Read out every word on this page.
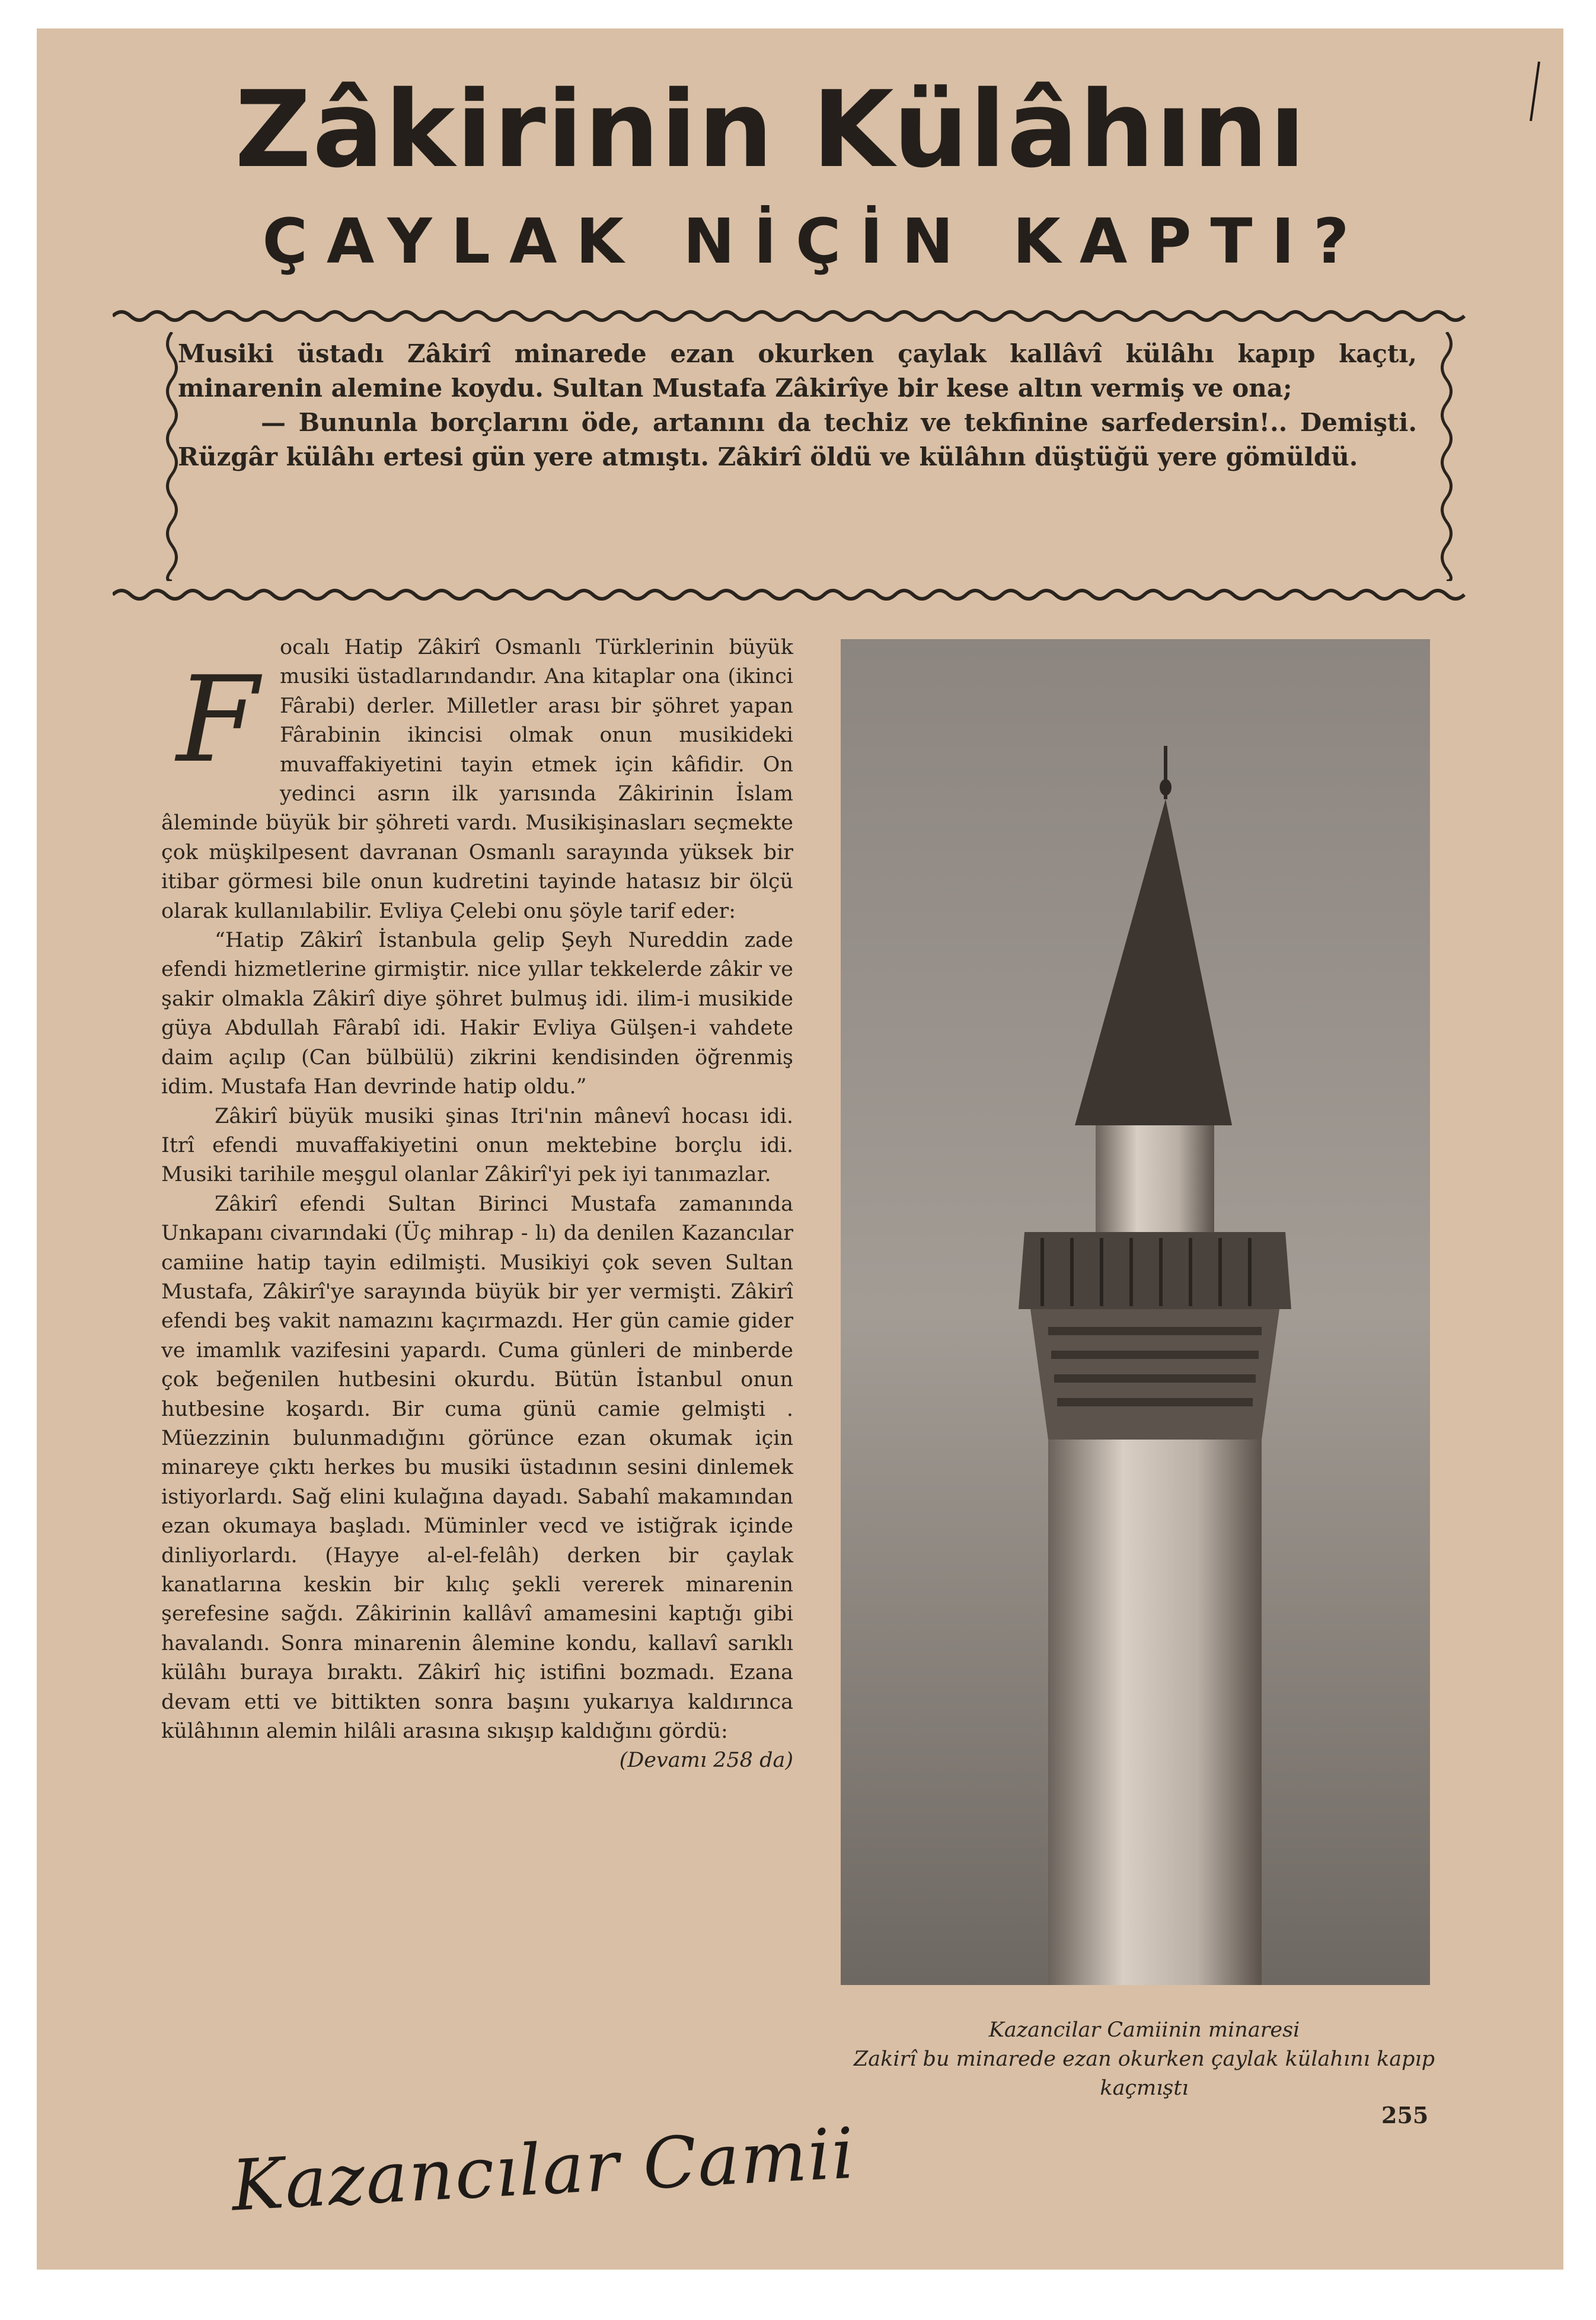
Zâkirinin Külâhını
ÇAYLAK NİÇİN KAPTI?

Musiki üstadı Zâkirî minarede ezan okurken çaylak kallâvî külâhı kapıp kaçtı, minarenin alemine koydu. Sultan Mustafa Zâkirîye bir kese altın vermiş ve ona;

— Bununla borçlarını öde, artanını da techiz ve tekfinine sarfedersin!.. Demişti. Rüzgâr külâhı ertesi gün yere atmıştı. Zâkirî öldü ve külâhın düştüğü yere gömüldü.

F

ocalı Hatip Zâkirî Osmanlı Türklerinin büyük musiki üstadlarındandır. Ana kitaplar ona (ikinci Fârabi) derler. Milletler arası bir şöhret yapan Fârabinin ikincisi olmak onun musikideki muvaffakiyetini tayin etmek için kâfidir. On yedinci asrın ilk yarısında Zâkirinin İslam âleminde büyük bir şöhreti vardı. Musikişinasları seçmekte çok müşkilpesent davranan Osmanlı sarayında yüksek bir itibar görmesi bile onun kudretini tayinde hatasız bir ölçü olarak kullanılabilir. Evliya Çelebi onu şöyle tarif eder:

“Hatip Zâkirî İstanbula gelip Şeyh Nureddin zade efendi hizmetlerine girmiştir. nice yıllar tekkelerde zâkir ve şakir olmakla Zâkirî diye şöhret bulmuş idi. ilim-i musikide güya Abdullah Fârabî idi. Hakir Evliya Gülşen-i vahdete daim açılıp (Can bülbülü) zikrini kendisinden öğrenmiş idim. Mustafa Han devrinde hatip oldu.”

Zâkirî büyük musiki şinas Itri'nin mânevî hocası idi. Itrî efendi muvaffakiyetini onun mektebine borçlu idi. Musiki tarihile meşgul olanlar Zâkirî'yi pek iyi tanımazlar.

Zâkirî efendi Sultan Birinci Mustafa zamanında Unkapanı civarındaki (Üç mihrap - lı) da denilen Kazancılar camiine hatip tayin edilmişti. Musikiyi çok seven Sultan Mustafa, Zâkirî'ye sarayında büyük bir yer vermişti. Zâkirî efendi beş vakit namazını kaçırmazdı. Her gün camie gider ve imamlık vazifesini yapardı. Cuma günleri de minberde çok beğenilen hutbesini okurdu. Bütün İstanbul onun hutbesine koşardı. Bir cuma günü camie gelmişti . Müezzinin bulunmadığını görünce ezan okumak için minareye çıktı herkes bu musiki üstadının sesini dinlemek istiyorlardı. Sağ elini kulağına dayadı. Sabahî makamından ezan okumaya başladı. Müminler vecd ve istiğrak içinde dinliyorlardı. (Hayye al-el-felâh) derken bir çaylak kanatlarına keskin bir kılıç şekli vererek minarenin şerefesine sağdı. Zâkirinin kallâvî amamesini kaptığı gibi havalandı. Sonra minarenin âlemine kondu, kallavî sarıklı külâhı buraya bıraktı. Zâkirî hiç istifini bozmadı. Ezana devam etti ve bittikten sonra başını yukarıya kaldırınca külâhının alemin hilâli arasına sıkışıp kaldığını gördü:
(Devamı 258 da)

Kazancilar Camiinin minaresi
Zakirî bu minarede ezan okurken çaylak külahını kapıp kaçmıştı
255
Kazancılar Camii
